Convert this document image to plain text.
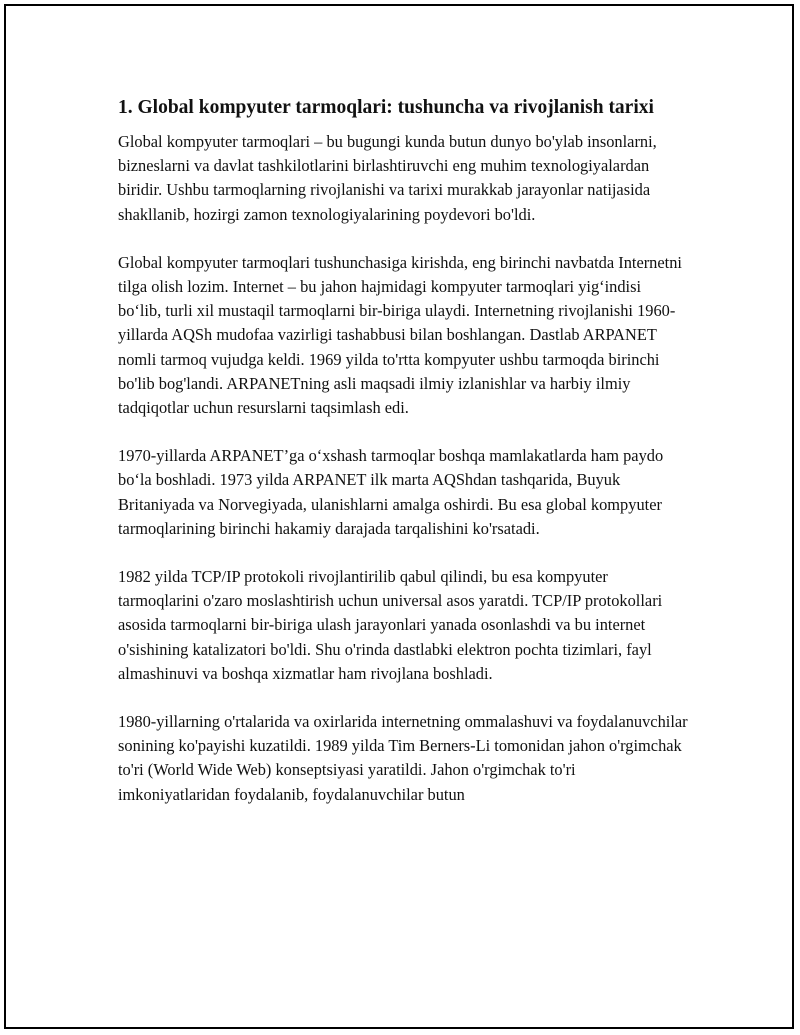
1. Global kompyuter tarmoqlari: tushuncha va rivojlanish tarixi

Global kompyuter tarmoqlari – bu bugungi kunda butun dunyo bo'ylab insonlarni, bizneslarni va davlat tashkilotlarini birlashtiruvchi eng muhim texnologiyalardan biridir. Ushbu tarmoqlarning rivojlanishi va tarixi murakkab jarayonlar natijasida shakllanib, hozirgi zamon texnologiyalarining poydevori bo'ldi.

Global kompyuter tarmoqlari tushunchasiga kirishda, eng birinchi navbatda Internetni tilga olish lozim. Internet – bu jahon hajmidagi kompyuter tarmoqlari yig‘indisi bo‘lib, turli xil mustaqil tarmoqlarni bir-biriga ulaydi. Internetning rivojlanishi 1960-yillarda AQSh mudofaa vazirligi tashabbusi bilan boshlangan. Dastlab ARPANET nomli tarmoq vujudga keldi. 1969 yilda to'rtta kompyuter ushbu tarmoqda birinchi bo'lib bog'landi. ARPANETning asli maqsadi ilmiy izlanishlar va harbiy ilmiy tadqiqotlar uchun resurslarni taqsimlash edi.

1970-yillarda ARPANET’ga o‘xshash tarmoqlar boshqa mamlakatlarda ham paydo bo‘la boshladi. 1973 yilda ARPANET ilk marta AQShdan tashqarida, Buyuk Britaniyada va Norvegiyada, ulanishlarni amalga oshirdi. Bu esa global kompyuter tarmoqlarining birinchi hakamiy darajada tarqalishini ko'rsatadi.

1982 yilda TCP/IP protokoli rivojlantirilib qabul qilindi, bu esa kompyuter tarmoqlarini o'zaro moslashtirish uchun universal asos yaratdi. TCP/IP protokollari asosida tarmoqlarni bir-biriga ulash jarayonlari yanada osonlashdi va bu internet o'sishining katalizatori bo'ldi. Shu o'rinda dastlabki elektron pochta tizimlari, fayl almashinuvi va boshqa xizmatlar ham rivojlana boshladi.

1980-yillarning o'rtalarida va oxirlarida internetning ommalashuvi va foydalanuvchilar sonining ko'payishi kuzatildi. 1989 yilda Tim Berners-Li tomonidan jahon o'rgimchak to'ri (World Wide Web) konseptsiyasi yaratildi. Jahon o'rgimchak to'ri imkoniyatlaridan foydalanib, foydalanuvchilar butun
